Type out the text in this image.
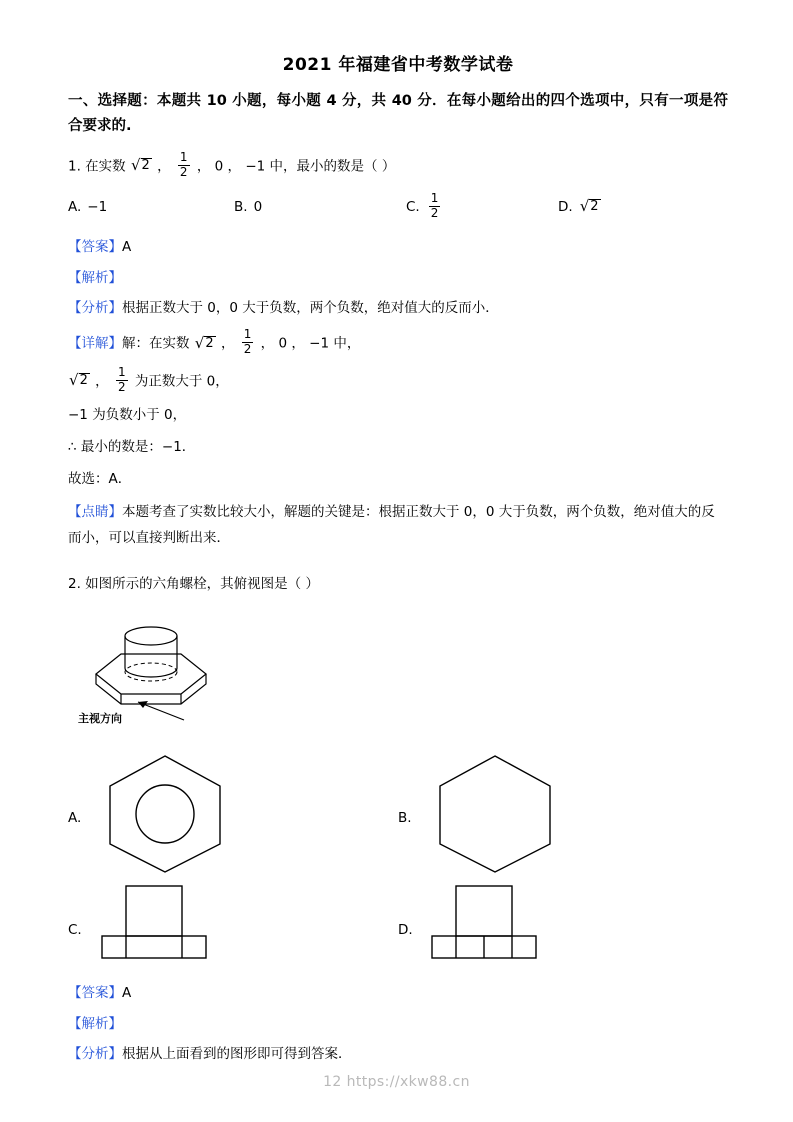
2021 年福建省中考数学试卷
一、选择题：本题共 10 小题，每小题 4 分，共 40 分．在每小题给出的四个选项中，只有一项是符合要求的.
1. 在实数 √ 2 ， $\frac{1}{2}$ ， 0 ， −1 中，最小的数是（ ）
A. −1	B. 0	C. $\frac{1}{2}$	D. √ 2
【答案】A
【解析】
【分析】根据正数大于 0，0 大于负数，两个负数，绝对值大的反而小．
【详解】解：在实数 √ 2 ， $\frac{1}{2}$ ， 0 ， −1 中，
√ 2 ， $\frac{1}{2}$ 为正数大于 0，
−1 为负数小于 0，
∴ 最小的数是：−1．
故选：A．
【点睛】本题考查了实数比较大小，解题的关键是：根据正数大于 0，0 大于负数，两个负数，绝对值大的反而小，可以直接判断出来．
2. 如图所示的六角螺栓，其俯视图是（ ）
主视方向
A.	B.
C.	D.
【答案】A
【解析】
【分析】根据从上面看到的图形即可得到答案．
12 https://xkw88.cn
